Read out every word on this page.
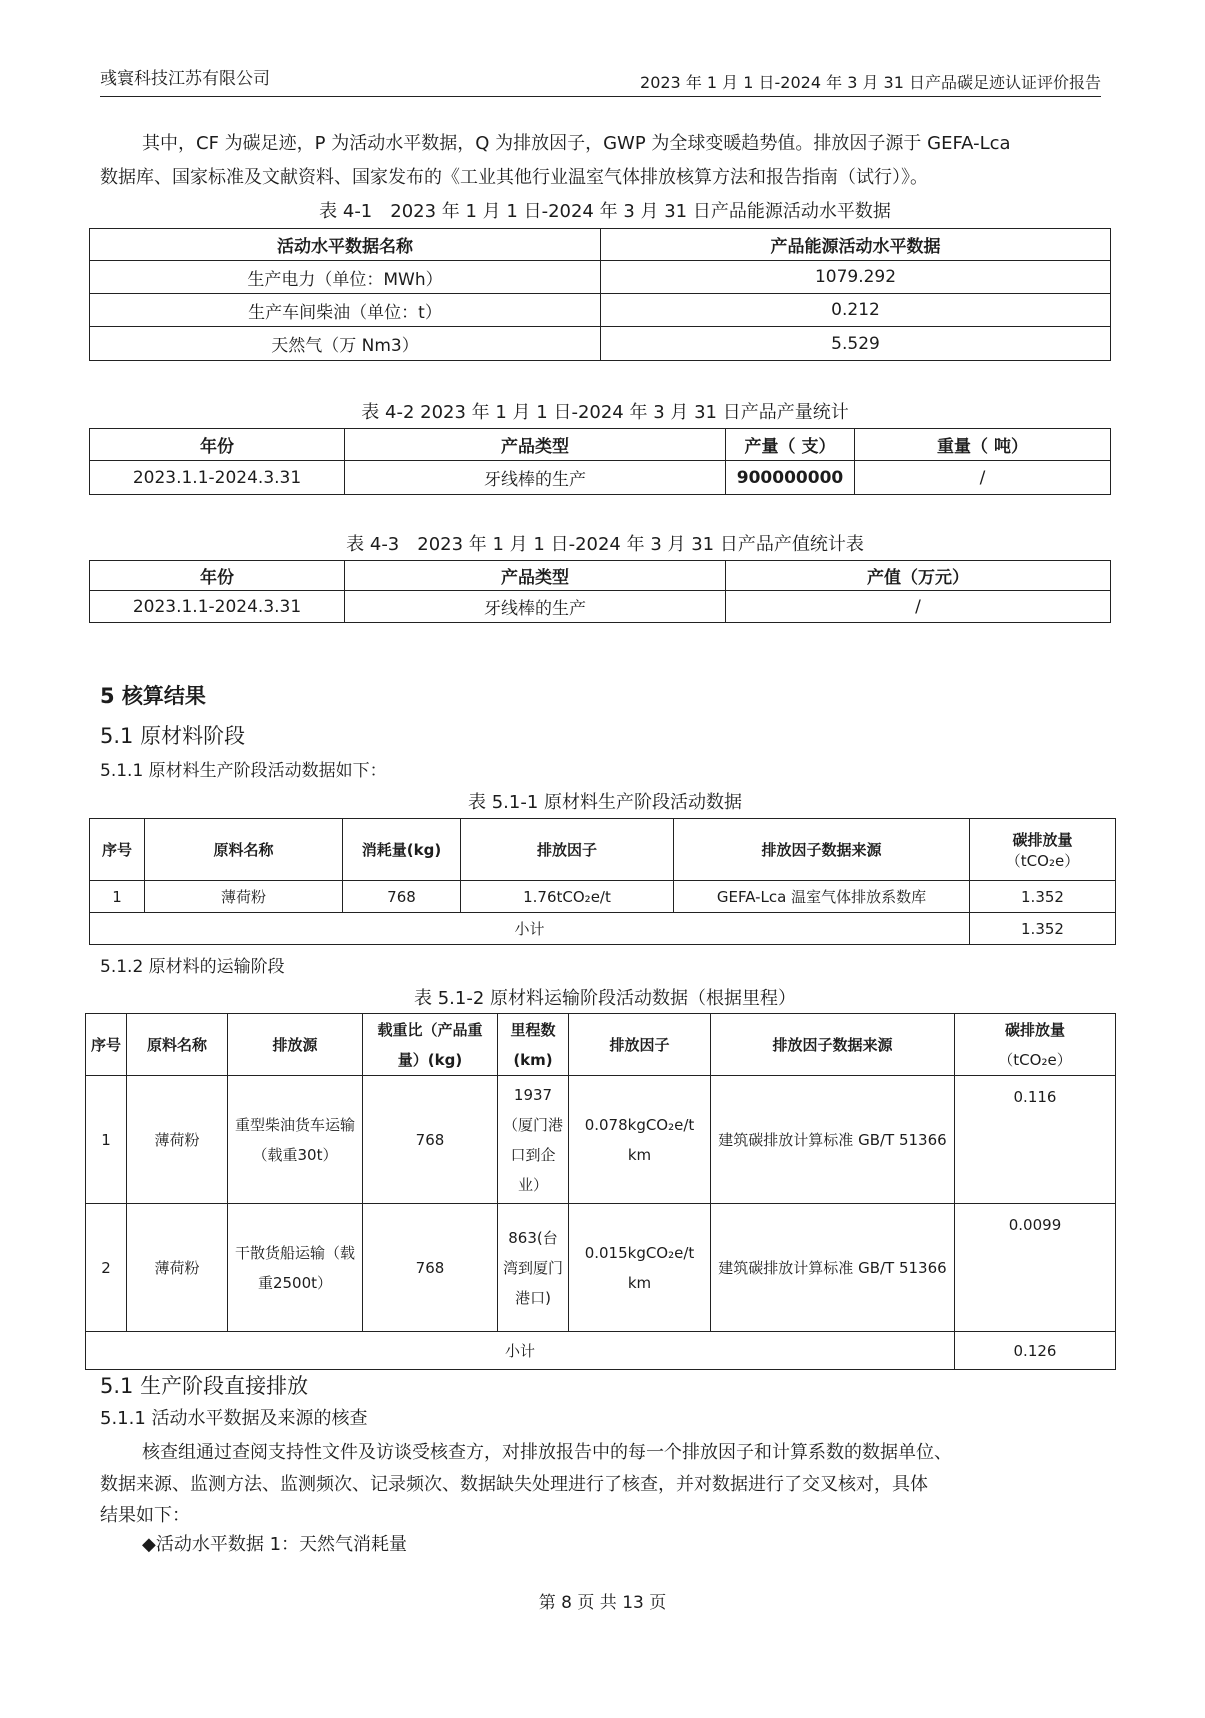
彧寰科技江苏有限公司	2023 年 1 月 1 日-2024 年 3 月 31 日产品碳足迹认证评价报告
其中，CF 为碳足迹，P 为活动水平数据，Q 为排放因子，GWP 为全球变暖趋势值。排放因子源于 GEFA-Lca
数据库、国家标准及文献资料、国家发布的《工业其他行业温室气体排放核算方法和报告指南（试行）》。
表 4-1　2023 年 1 月 1 日-2024 年 3 月 31 日产品能源活动水平数据
活动水平数据名称	产品能源活动水平数据
生产电力（单位：MWh）	1079.292
生产车间柴油（单位：t）	0.212
天然气（万 Nm3）	5.529
表 4-2 2023 年 1 月 1 日-2024 年 3 月 31 日产品产量统计
年份	产品类型	产量（ 支）	重量（ 吨）
2023.1.1-2024.3.31	牙线棒的生产	900000000	/
表 4-3　2023 年 1 月 1 日-2024 年 3 月 31 日产品产值统计表
年份	产品类型	产值（万元）
2023.1.1-2024.3.31	牙线棒的生产	/
5 核算结果
5.1 原材料阶段
5.1.1 原材料生产阶段活动数据如下：
表 5.1-1 原材料生产阶段活动数据
序号	原料名称	消耗量(kg)	排放因子	排放因子数据来源	碳排放量
（tCO₂e）

1	薄荷粉	768	1.76tCO₂e/t	GEFA-Lca 温室气体排放系数库	1.352
小计					1.352
5.1.2 原材料的运输阶段
表 5.1-2 原材料运输阶段活动数据（根据里程）
序号	原料名称	排放源	载重比（产品重量）(kg)	里程数(km)	排放因子	排放因子数据来源	碳排放量
（tCO₂e）

1	薄荷粉	重型柴油货车运输（载重30t）	768	1937（厦门港口到企业）	0.078kgCO₂e/t km	建筑碳排放计算标准 GB/T 51366	0.116
2	薄荷粉	干散货船运输（载重2500t）	768	863(台湾到厦门港口)	0.015kgCO₂e/t km	建筑碳排放计算标准 GB/T 51366	0.0099
小计							0.126
5.1 生产阶段直接排放
5.1.1 活动水平数据及来源的核查
核查组通过查阅支持性文件及访谈受核查方，对排放报告中的每一个排放因子和计算系数的数据单位、
数据来源、监测方法、监测频次、记录频次、数据缺失处理进行了核查，并对数据进行了交叉核对，具体
结果如下：
◆活动水平数据 1：天然气消耗量
第 8 页 共 13 页
